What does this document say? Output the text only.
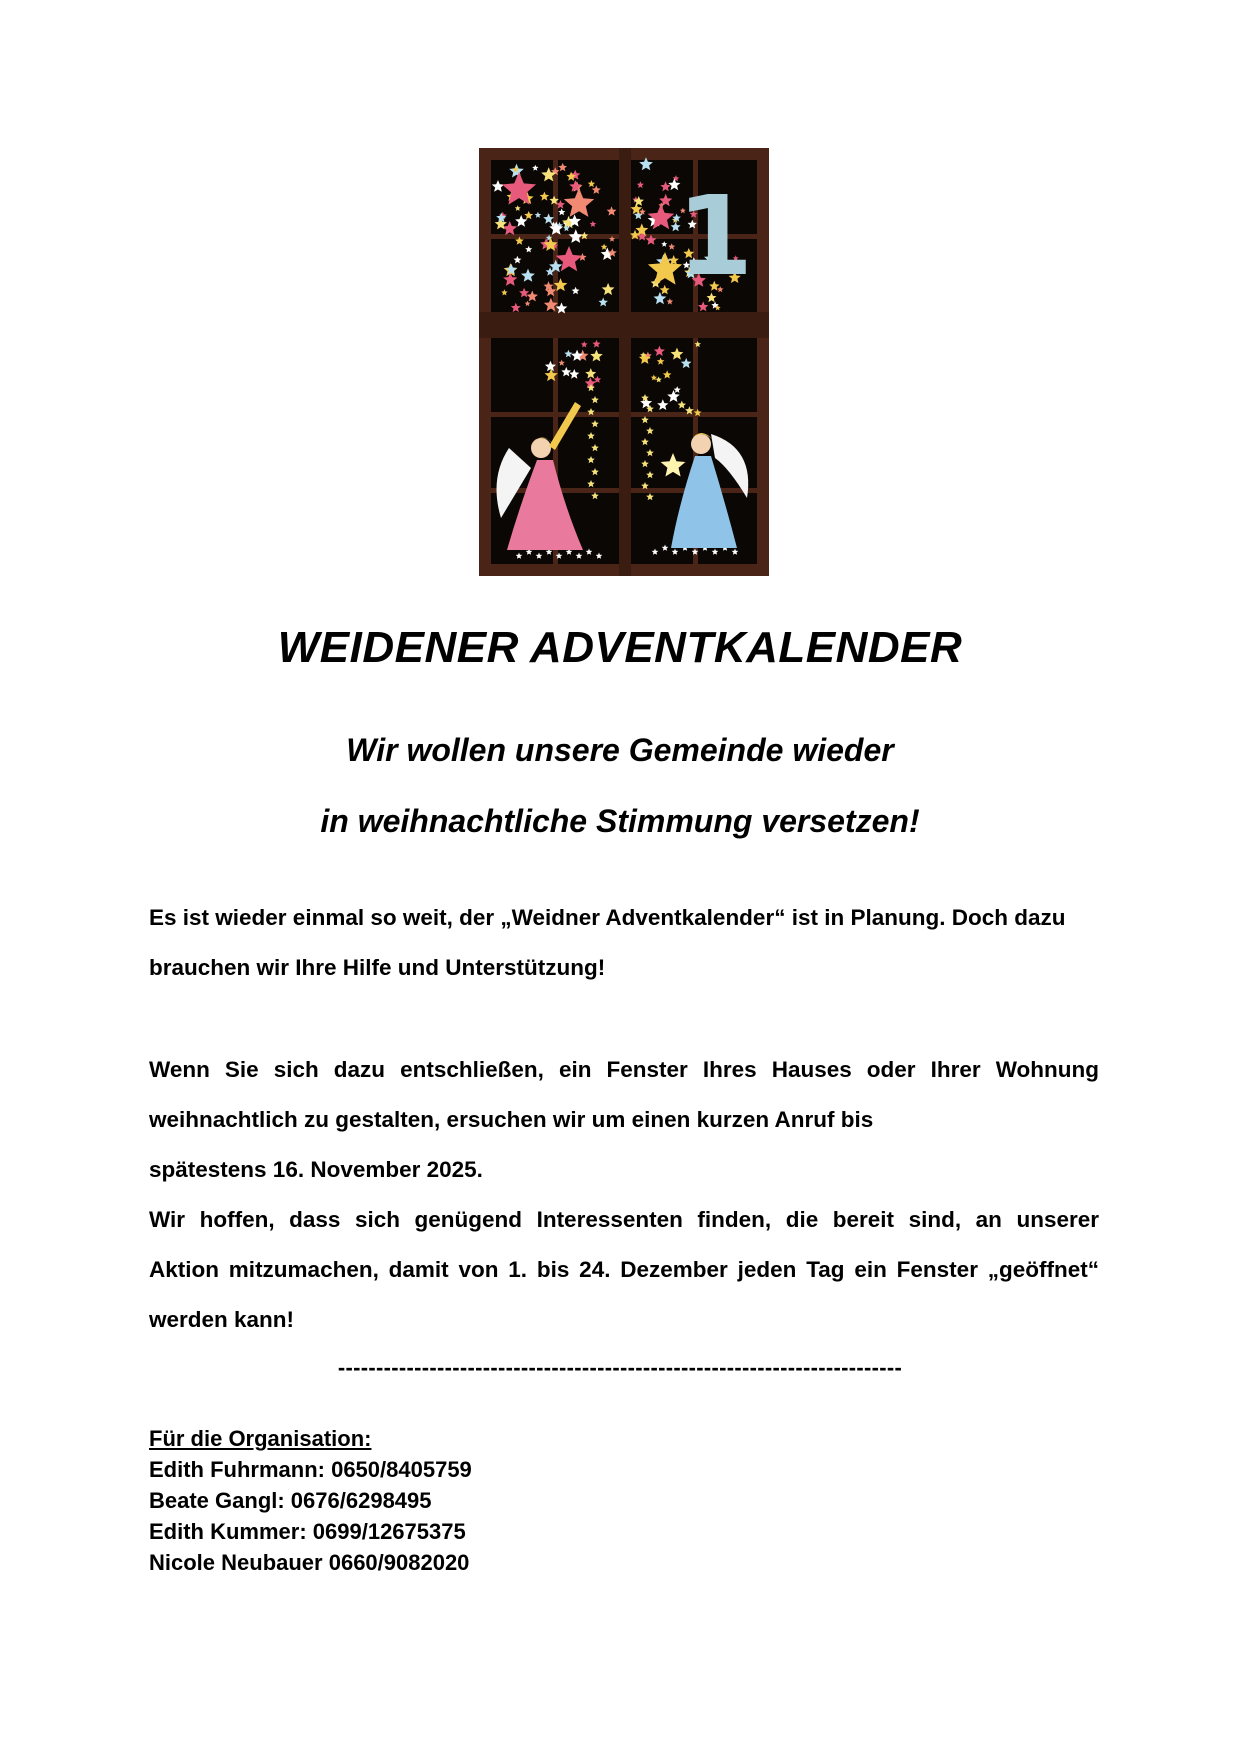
1
WEIDENER ADVENTKALENDER
Wir wollen unsere Gemeinde wieder
in weihnachtliche Stimmung versetzen!
Es ist wieder einmal so weit, der „Weidner Adventkalender“ ist in Planung. Doch dazu
brauchen wir Ihre Hilfe und Unterstützung!
Wenn Sie sich dazu entschließen, ein Fenster Ihres Hauses oder Ihrer Wohnung
weihnachtlich zu gestalten, ersuchen wir um einen kurzen Anruf bis
spätestens 16. November 2025.
Wir hoffen, dass sich genügend Interessenten finden, die bereit sind, an unserer
Aktion mitzumachen, damit von 1. bis 24. Dezember jeden Tag ein Fenster „geöffnet“
werden kann!
--------------------------------------------------------------------------
Für die Organisation:
Edith Fuhrmann: 0650/8405759
Beate Gangl: 0676/6298495
Edith Kummer: 0699/12675375
Nicole Neubauer 0660/9082020
